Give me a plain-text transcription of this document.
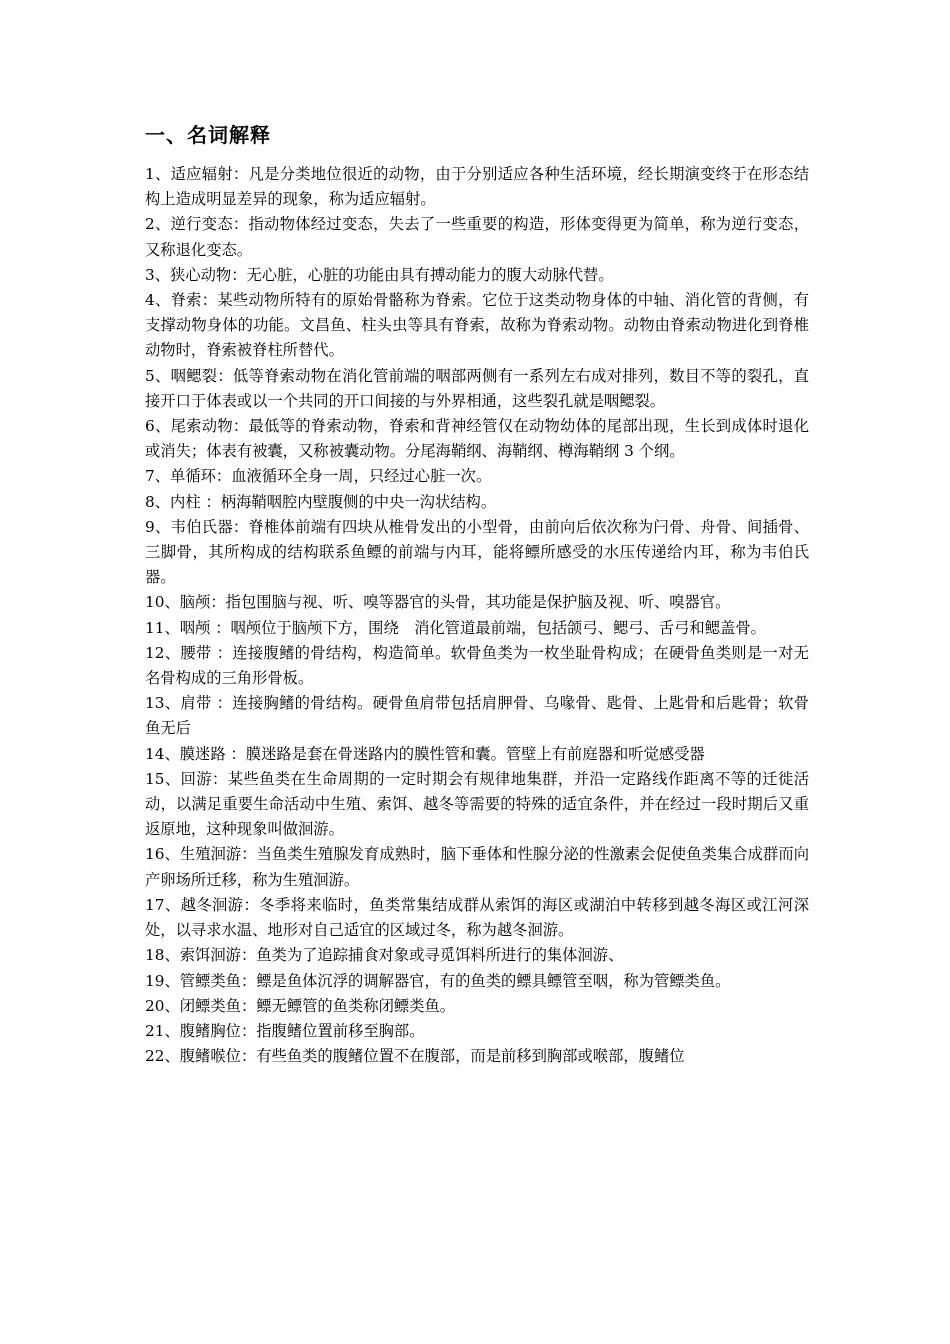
一、名词解释

1、适应辐射：凡是分类地位很近的动物，由于分别适应各种生活环境，经长期演变终于在形态结构上造成明显差异的现象，称为适应辐射。

2、逆行变态：指动物体经过变态，失去了一些重要的构造，形体变得更为简单，称为逆行变态，又称退化变态。

3、狭心动物：无心脏，心脏的功能由具有搏动能力的腹大动脉代替。

4、脊索：某些动物所特有的原始骨骼称为脊索。它位于这类动物身体的中轴、消化管的背侧，有支撑动物身体的功能。文昌鱼、柱头虫等具有脊索，故称为脊索动物。动物由脊索动物进化到脊椎动物时，脊索被脊柱所替代。

5、咽鳃裂：低等脊索动物在消化管前端的咽部两侧有一系列左右成对排列，数目不等的裂孔，直接开口于体表或以一个共同的开口间接的与外界相通，这些裂孔就是咽鳃裂。

6、尾索动物：最低等的脊索动物，脊索和背神经管仅在动物幼体的尾部出现，生长到成体时退化或消失；体表有被囊，又称被囊动物。分尾海鞘纲、海鞘纲、樽海鞘纲 3 个纲。

7、单循环：血液循环全身一周，只经过心脏一次。

8、内柱 ：柄海鞘咽腔内壁腹侧的中央一沟状结构。

9、韦伯氏器：脊椎体前端有四块从椎骨发出的小型骨，由前向后依次称为闩骨、舟骨、间插骨、三脚骨，其所构成的结构联系鱼鳔的前端与内耳，能将鳔所感受的水压传递给内耳，称为韦伯氏器。

10、脑颅：指包围脑与视、听、嗅等器官的头骨，其功能是保护脑及视、听、嗅器官。

11、咽颅 ：咽颅位于脑颅下方，围绕　消化管道最前端，包括颌弓、鳃弓、舌弓和鳃盖骨。

12、腰带 ：连接腹鳍的骨结构，构造简单。软骨鱼类为一枚坐耻骨构成；在硬骨鱼类则是一对无名骨构成的三角形骨板。

13、肩带 ：连接胸鳍的骨结构。硬骨鱼肩带包括肩胛骨、乌喙骨、匙骨、上匙骨和后匙骨；软骨鱼无后

14、膜迷路 ：膜迷路是套在骨迷路内的膜性管和囊。管壁上有前庭器和听觉感受器

15、回游：某些鱼类在生命周期的一定时期会有规律地集群，并沿一定路线作距离不等的迁徙活动，以满足重要生命活动中生殖、索饵、越冬等需要的特殊的适宜条件，并在经过一段时期后又重返原地，这种现象叫做洄游。

16、生殖洄游：当鱼类生殖腺发育成熟时，脑下垂体和性腺分泌的性激素会促使鱼类集合成群而向产卵场所迁移，称为生殖洄游。

17、越冬洄游：冬季将来临时，鱼类常集结成群从索饵的海区或湖泊中转移到越冬海区或江河深处，以寻求水温、地形对自己适宜的区域过冬，称为越冬洄游。

18、索饵洄游：鱼类为了追踪捕食对象或寻觅饵料所进行的集体洄游、

19、管鳔类鱼：鳔是鱼体沉浮的调解器官，有的鱼类的鳔具鳔管至咽，称为管鳔类鱼。

20、闭鳔类鱼：鳔无鳔管的鱼类称闭鳔类鱼。

21、腹鳍胸位：指腹鳍位置前移至胸部。

22、腹鳍喉位：有些鱼类的腹鳍位置不在腹部，而是前移到胸部或喉部，腹鳍位
